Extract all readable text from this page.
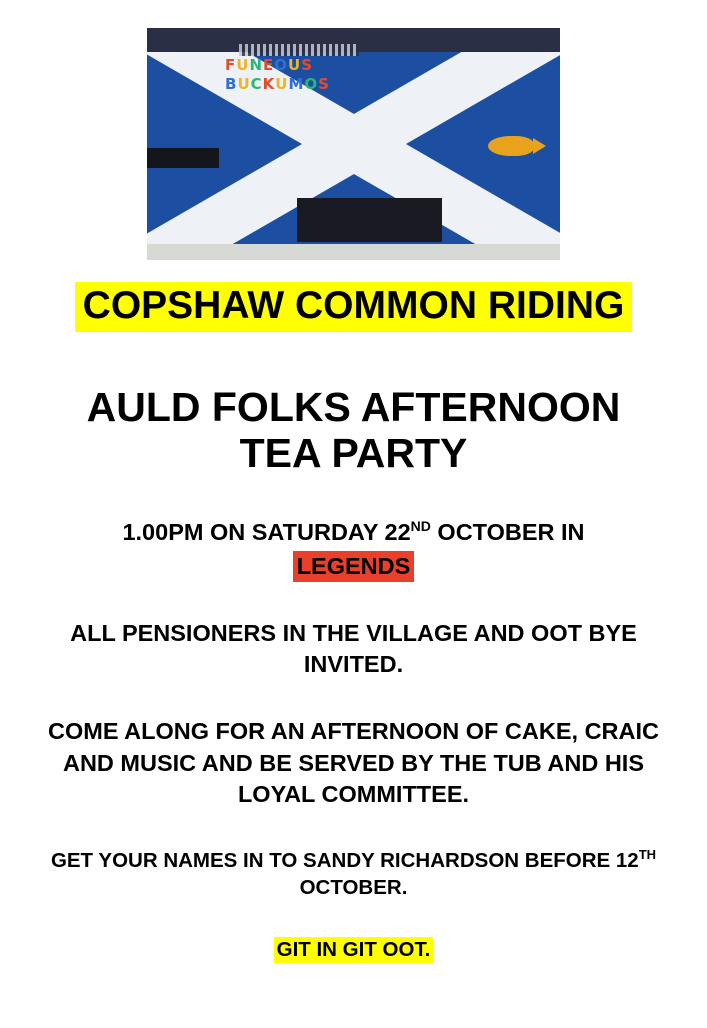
FUNEOUS
BUCKUMOS
COPSHAW COMMON RIDING
AULD FOLKS AFTERNOON
TEA PARTY
1.00PM ON SATURDAY 22ND OCTOBER IN
LEGENDS
ALL PENSIONERS IN THE VILLAGE AND OOT BYE INVITED.
COME ALONG FOR AN AFTERNOON OF CAKE, CRAIC AND MUSIC AND BE SERVED BY THE TUB AND HIS LOYAL COMMITTEE.
GET YOUR NAMES IN TO SANDY RICHARDSON BEFORE 12TH OCTOBER.
GIT IN GIT OOT.
